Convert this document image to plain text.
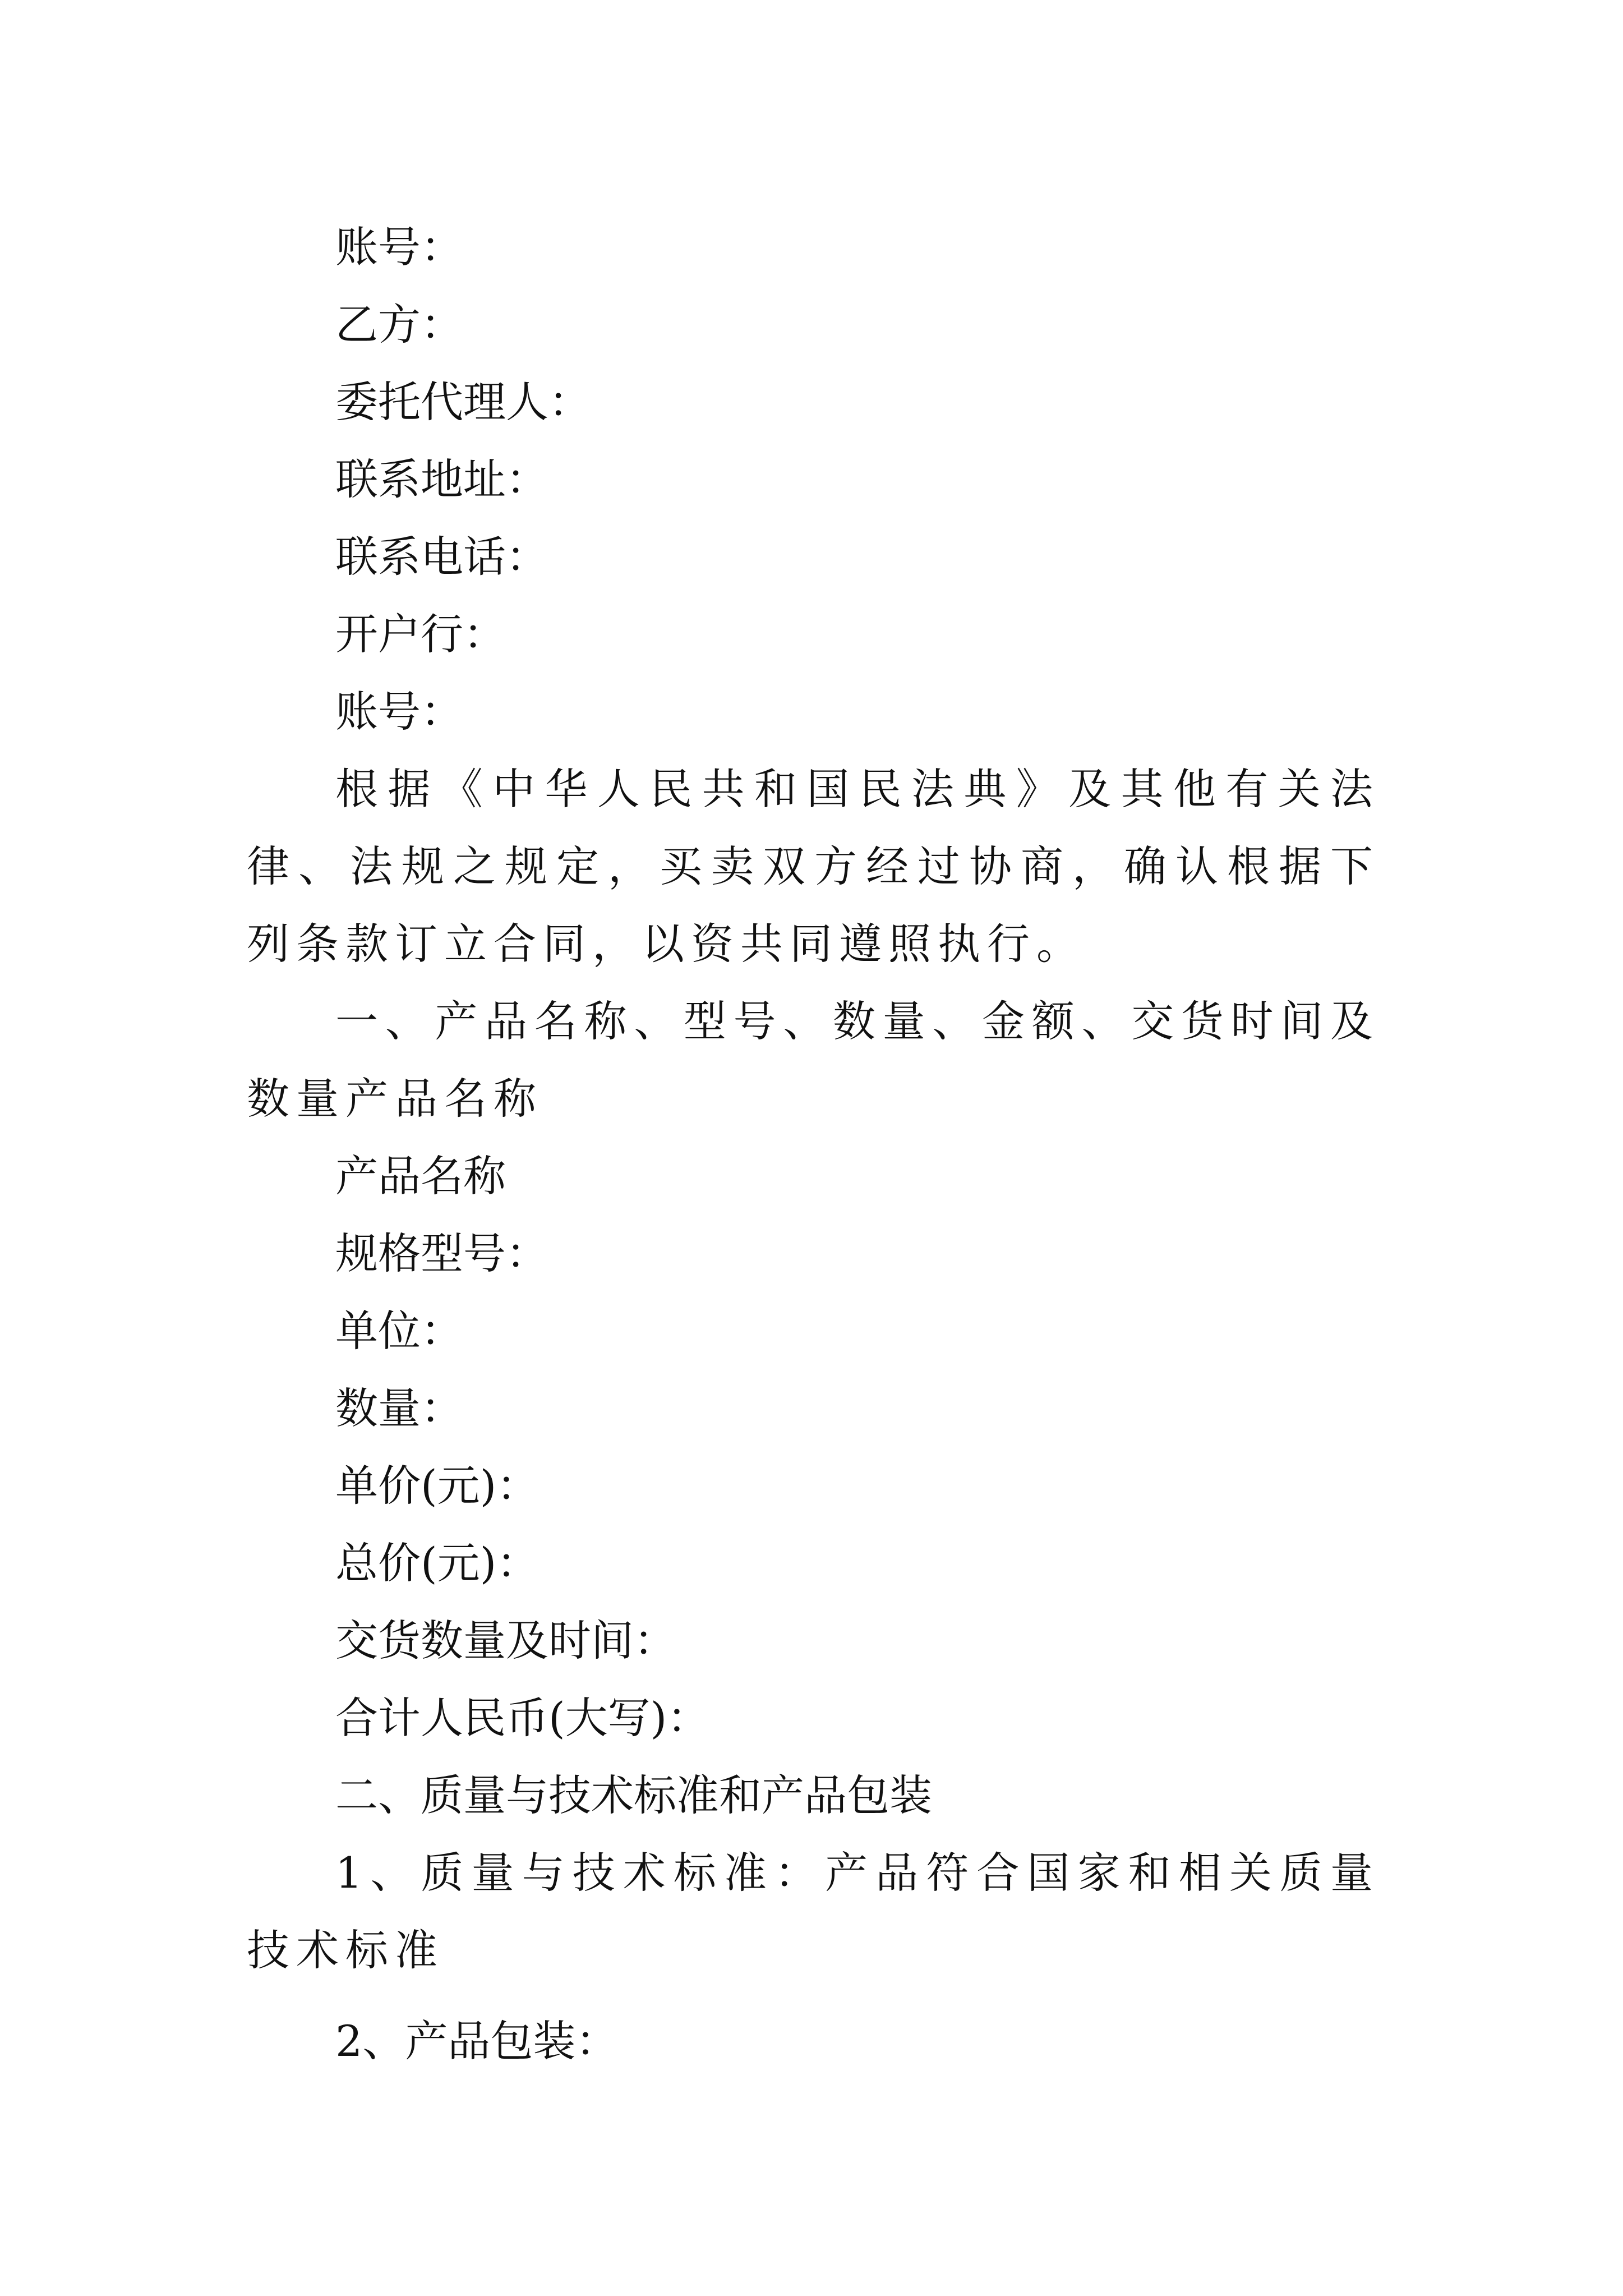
账号：

乙方：

委托代理人：

联系地址：

联系电话：

开户行：

账号：

根据《中华人民共和国民法典》及其他有关法律、法规之规定，买卖双方经过协商，确认根据下列条款订立合同，以资共同遵照执行。

一、产品名称、型号、数量、金额、交货时间及数量产品名称

产品名称

规格型号：

单位：

数量：

单价(元)：

总价(元)：

交货数量及时间：

合计人民币(大写)：

二、质量与技术标准和产品包装

1、质量与技术标准：产品符合国家和相关质量技术标准

2、产品包装：
